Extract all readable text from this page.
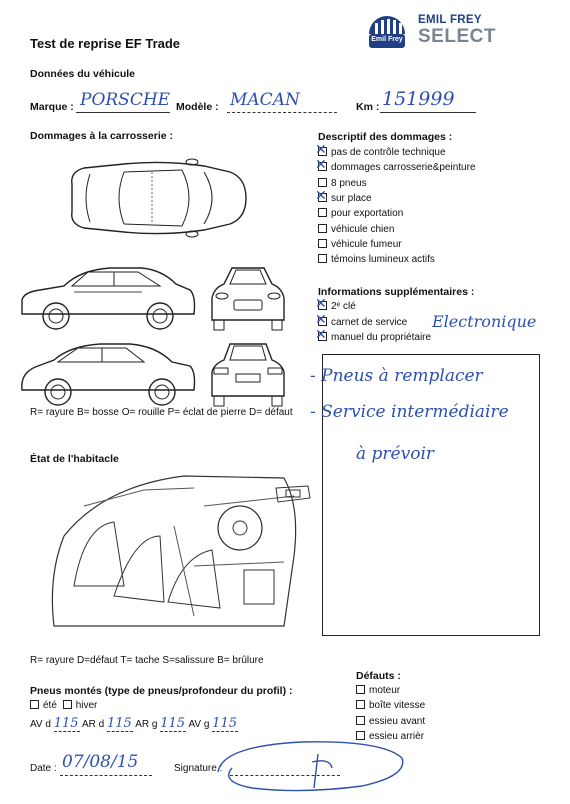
Emil Frey
EMIL FREY
SELECT
Test de reprise EF Trade
Données du véhicule
Marque : PORSCHE Modèle : MACAN	Km : 151999
Dommages à la carrosserie :
R= rayure B= bosse O= rouille P= éclat de pierre D= défaut
Descriptif des dommages :
✕ pas de contrôle technique
✕ dommages carrosserie&peinture
8 pneus
✕ sur place
pour exportation
véhicule chien
véhicule fumeur
témoins lumineux actifs
Informations supplémentaires :
✕ 2ᵉ clé
✕ carnet de service
✕ manuel du propriétaire
Electronique
- Pneus à remplacer
- Service intermédiaire
à prévoir
État de l'habitacle
R= rayure D=défaut T= tache S=salissure B= brûlure
Défauts :
moteur
boîte vitesse
essieu avant
essieu arrièr
Pneus montés (type de pneus/profondeur du profil) :
été hiver
AV d 115 AR d 115 AR g 115 AV g 115
Date : 07/08/15	Signature :
